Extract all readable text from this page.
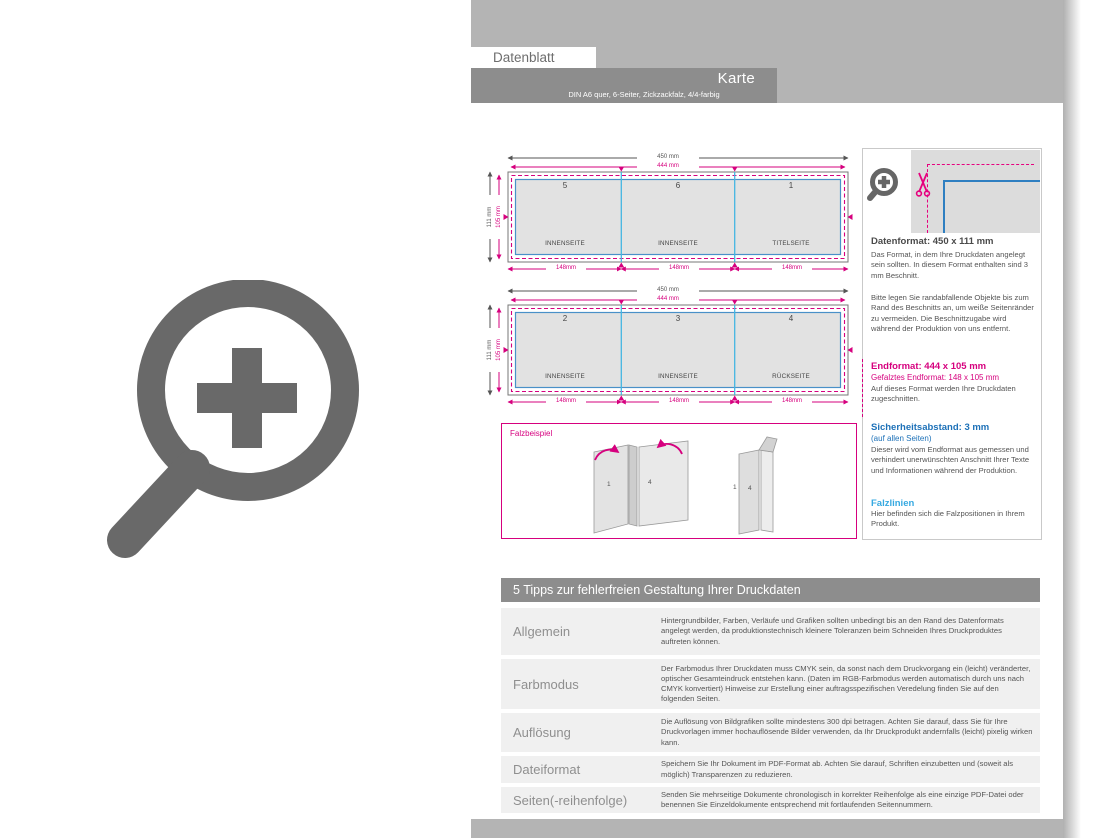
Datenblatt
Karte
DIN A6 quer, 6-Seiter, Zickzackfalz, 4/4-farbig
450 mm
444 mm
111 mm 105 mm
5	6	1
INNENSEITE	INNENSEITE	TITELSEITE
148mm	148mm	148mm
450 mm
444 mm
111 mm 105 mm
2	3	4
INNENSEITE	INNENSEITE	RÜCKSEITE
148mm	148mm	148mm
Falzbeispiel
1	4
1 4
Datenformat: 450 x 111 mm
Das Format, in dem Ihre Druckdaten angelegt sein sollten. In diesem Format enthalten sind 3 mm Beschnitt.
Bitte legen Sie randabfallende Objekte bis zum Rand des Beschnitts an, um weiße Seitenränder zu vermeiden. Die Beschnittzugabe wird während der Produktion von uns entfernt.
Endformat: 444 x 105 mm
Gefalztes Endformat: 148 x 105 mm
Auf dieses Format werden Ihre Druckdaten zugeschnitten.
Sicherheitsabstand: 3 mm
(auf allen Seiten)
Dieser wird vom Endformat aus gemessen und verhindert unerwünschten Anschnitt Ihrer Texte und Informationen während der Produktion.
Falzlinien
Hier befinden sich die Falzpositionen in Ihrem Produkt.
5 Tipps zur fehlerfreien Gestaltung Ihrer Druckdaten
Allgemein
Hintergrundbilder, Farben, Verläufe und Grafiken sollten unbedingt bis an den Rand des Datenformats angelegt werden, da produktionstechnisch kleinere Toleranzen beim Schneiden Ihres Druckproduktes auftreten können.
Farbmodus
Der Farbmodus Ihrer Druckdaten muss CMYK sein, da sonst nach dem Druckvorgang ein (leicht) veränderter, optischer Gesamteindruck entstehen kann. (Daten im RGB-Farbmodus werden automatisch durch uns nach CMYK konvertiert) Hinweise zur Erstellung einer auftragsspezifischen Veredelung finden Sie auf den folgenden Seiten.
Auflösung
Die Auflösung von Bildgrafiken sollte mindestens 300 dpi betragen. Achten Sie darauf, dass Sie für Ihre Druckvorlagen immer hochauflösende Bilder verwenden, da Ihr Druckprodukt andernfalls (leicht) pixelig wirken kann.
Dateiformat	Speichern Sie Ihr Dokument im PDF-Format ab. Achten Sie darauf, Schriften einzubetten und (soweit als möglich) Transparenzen zu reduzieren.
Seiten(-reihenfolge)	Senden Sie mehrseitige Dokumente chronologisch in korrekter Reihenfolge als eine einzige PDF-Datei oder benennen Sie Einzeldokumente entsprechend mit fortlaufenden Seitennummern.
